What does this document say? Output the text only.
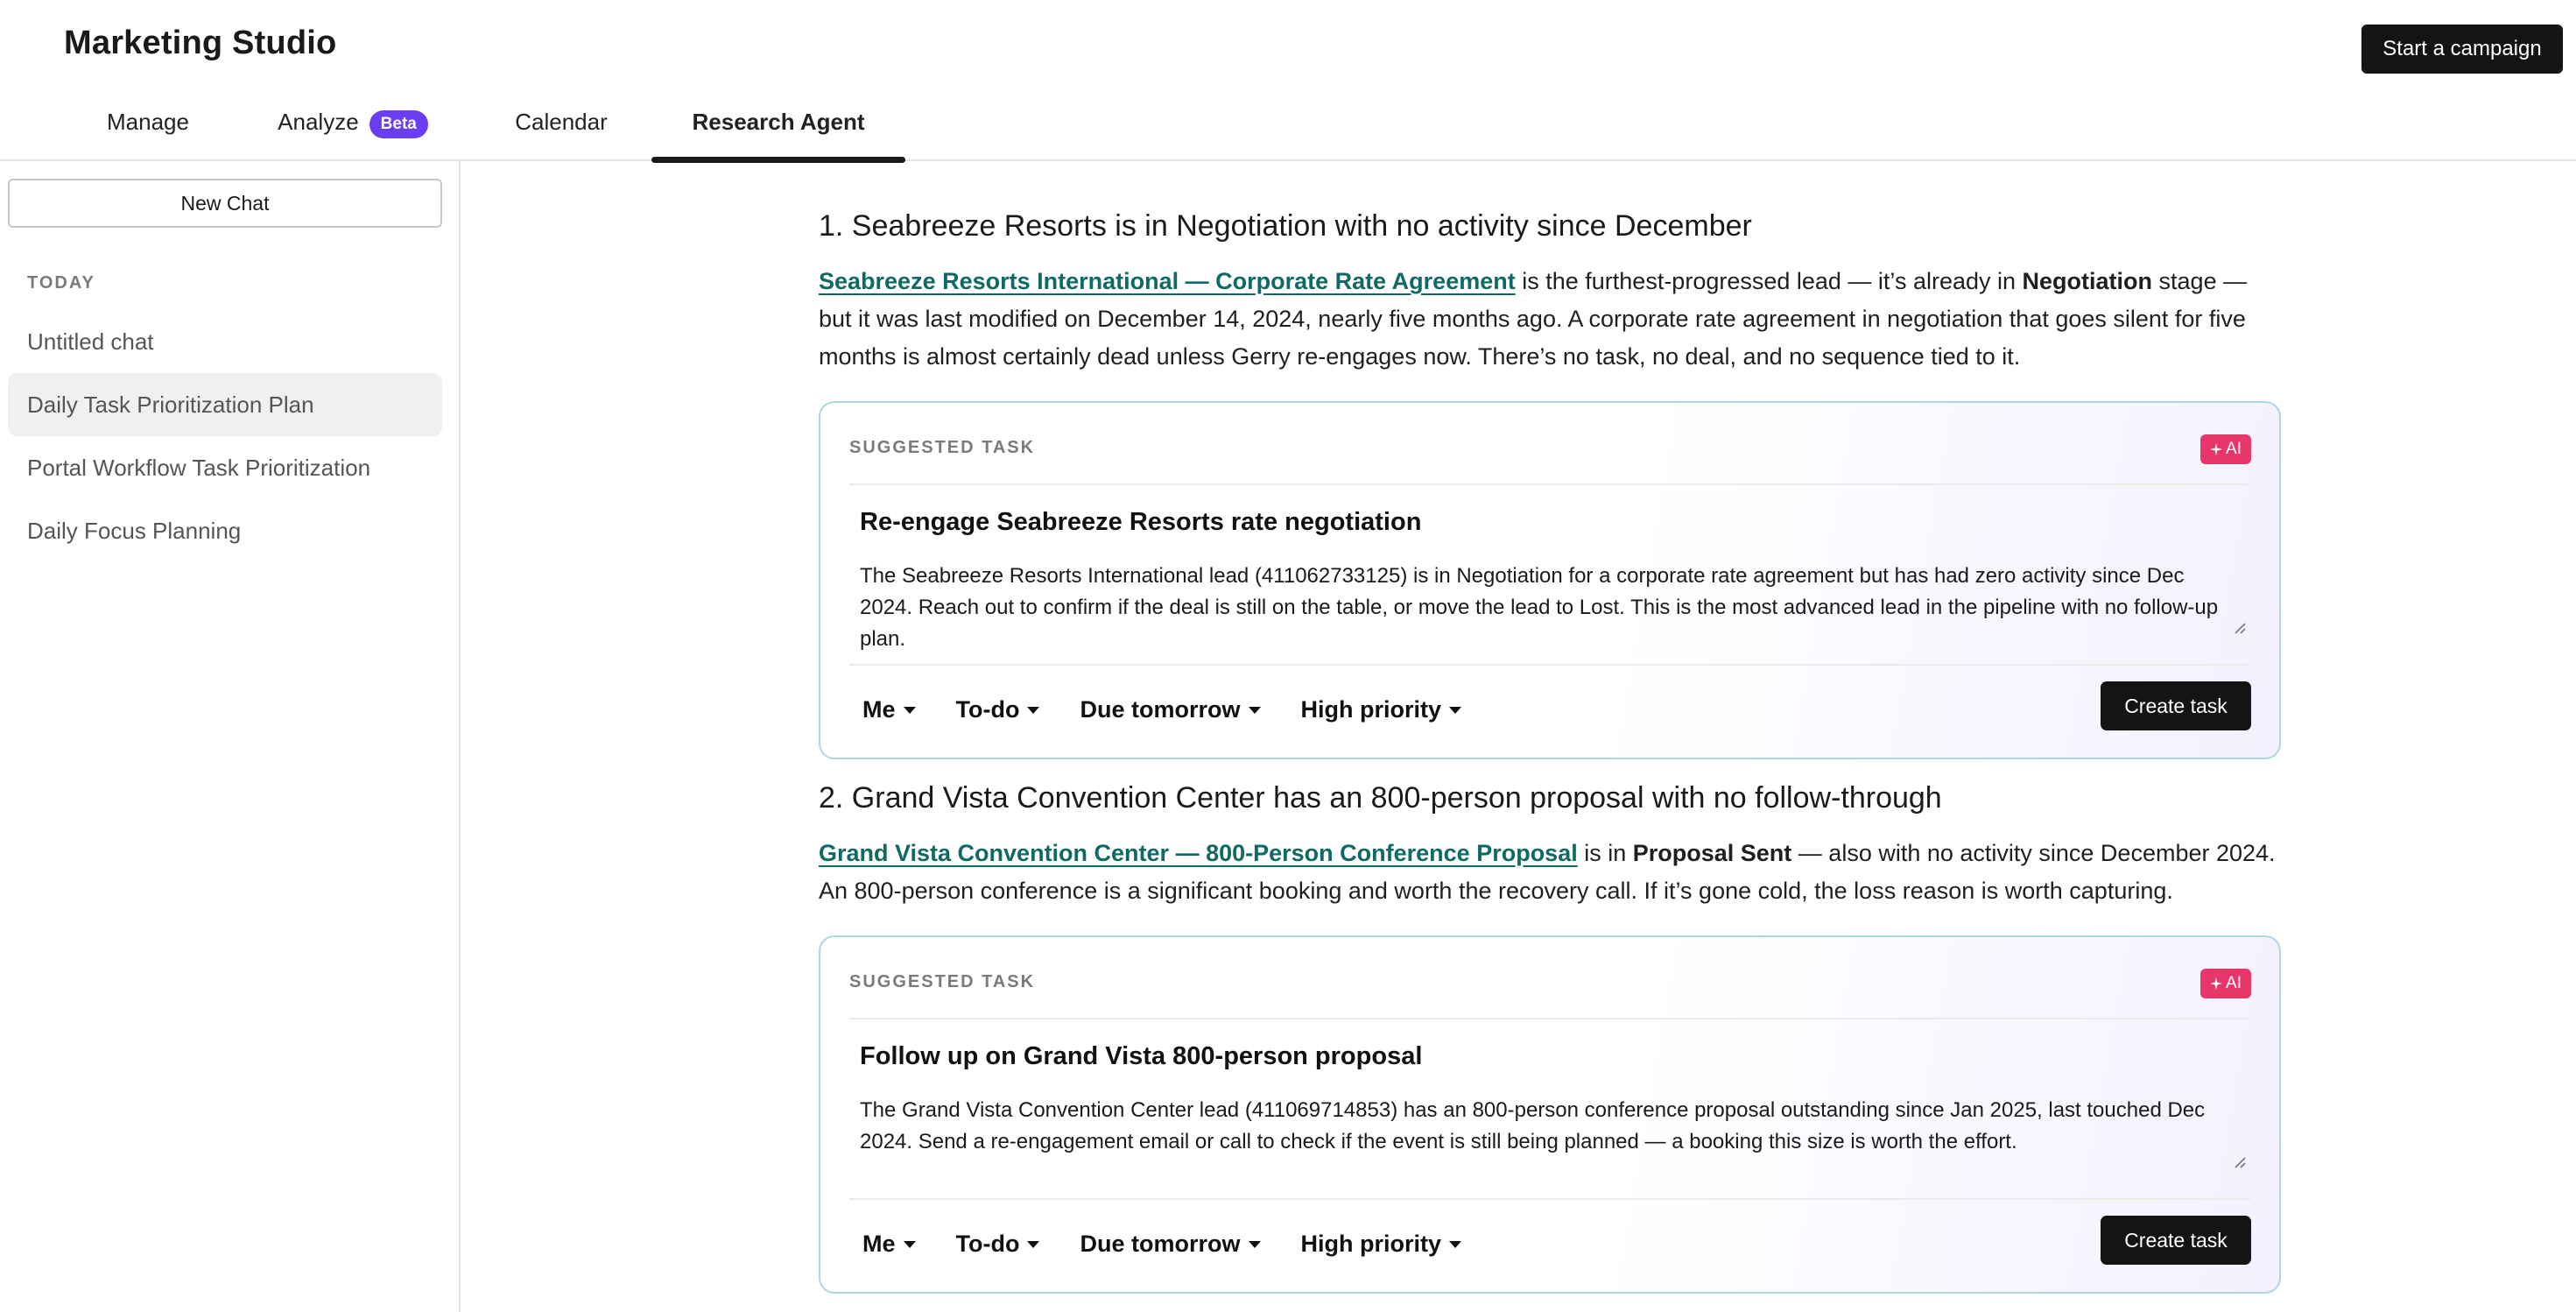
Marketing Studio	Start a campaign
Manage	Analyze	Beta	Calendar	Research Agent
New Chat
TODAY
Untitled chat
Daily Task Prioritization Plan
Portal Workflow Task Prioritization
Daily Focus Planning
1. Seabreeze Resorts is in Negotiation with no activity since December
Seabreeze Resorts International — Corporate Rate Agreement is the furthest-progressed lead — it’s already in Negotiation stage — but it was last modified on December 14, 2024, nearly five months ago. A corporate rate agreement in negotiation that goes silent for five months is almost certainly dead unless Gerry re-engages now. There’s no task, no deal, and no sequence tied to it.
SUGGESTED TASK	AI
Re-engage Seabreeze Resorts rate negotiation
The Seabreeze Resorts International lead (411062733125) is in Negotiation for a corporate rate agreement but has had zero activity since Dec 2024. Reach out to confirm if the deal is still on the table, or move the lead to Lost. This is the most advanced lead in the pipeline with no follow-up plan.
Me	To-do	Due tomorrow	High priority	Create task
2. Grand Vista Convention Center has an 800-person proposal with no follow-through
Grand Vista Convention Center — 800-Person Conference Proposal is in Proposal Sent — also with no activity since December 2024. An 800-person conference is a significant booking and worth the recovery call. If it’s gone cold, the loss reason is worth capturing.
SUGGESTED TASK	AI
Follow up on Grand Vista 800-person proposal
The Grand Vista Convention Center lead (411069714853) has an 800-person conference proposal outstanding since Jan 2025, last touched Dec 2024. Send a re-engagement email or call to check if the event is still being planned — a booking this size is worth the effort.
Me	To-do	Due tomorrow	High priority	Create task
